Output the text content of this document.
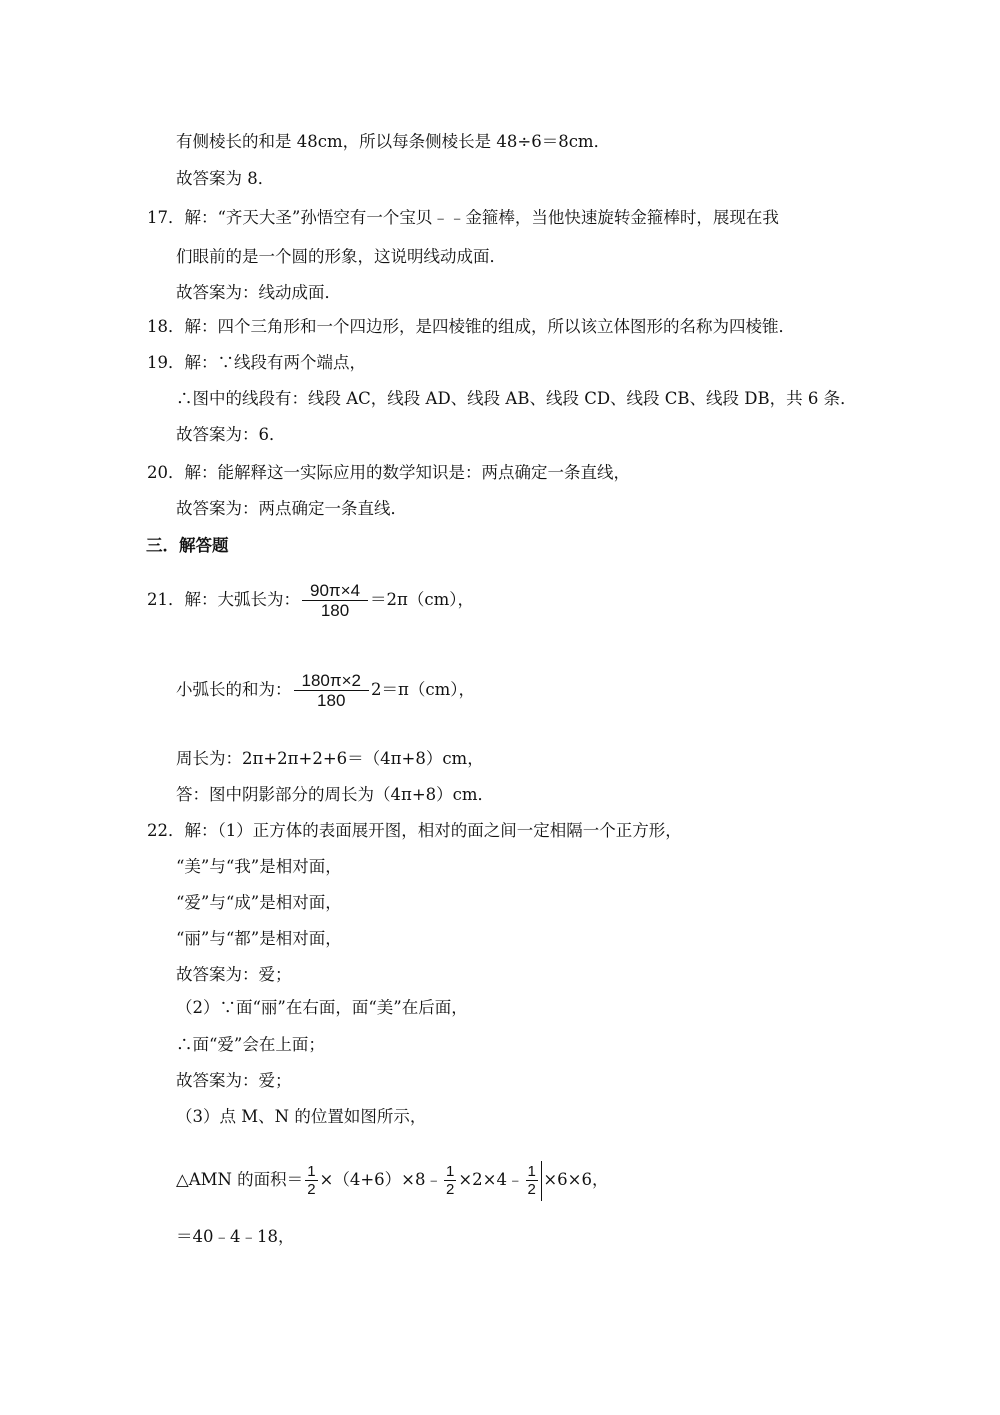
有侧棱长的和是 48cm，所以每条侧棱长是 48÷6＝8cm．
故答案为 8．
17．解：“齐天大圣”孙悟空有一个宝贝﹣﹣金箍棒，当他快速旋转金箍棒时，展现在我
们眼前的是一个圆的形象，这说明线动成面．
故答案为：线动成面．
18．解：四个三角形和一个四边形，是四棱锥的组成，所以该立体图形的名称为四棱锥．
19．解：∵线段有两个端点，
∴图中的线段有：线段 AC，线段 AD、线段 AB、线段 CD、线段 CB、线段 DB，共 6 条．
故答案为：6．
20．解：能解释这一实际应用的数学知识是：两点确定一条直线，
故答案为：两点确定一条直线．
三．解答题
21．解：大弧长为： $\frac{90\pi\times 4}{180} =2\pi(cm)$，
小弧长的和为： $\frac{180\pi\times 2}{180} 2=\pi(cm)$，
周长为：2π+2π+2+6＝（4π+8）cm，
答：图中阴影部分的周长为（4π+8）cm．
22．解：（1）正方体的表面展开图，相对的面之间一定相隔一个正方形，
“美”与“我”是相对面，
“爱”与“成”是相对面，
“丽”与“都”是相对面，
故答案为：爱；
（2）∵面“丽”在右面，面“美”在后面，
∴面“爱”会在上面；
故答案为：爱；
（3）点 M、N 的位置如图所示，
△AMN 的面积＝ $\frac{1}{2}$ ×（4+6）×8﹣ $\frac{1}{2}$ ×2×4﹣ $\frac{1}{2} \times 6\times 6$，
＝40﹣4﹣18，
